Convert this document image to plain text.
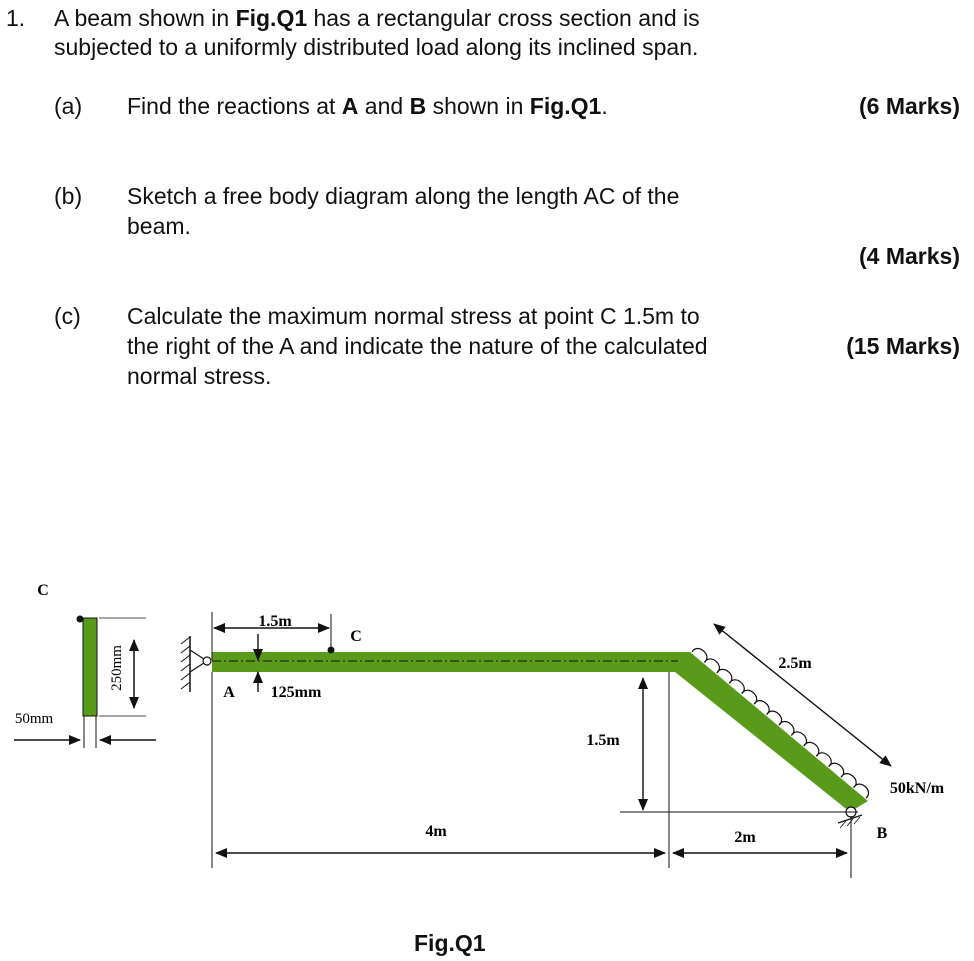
1. A beam shown in Fig.Q1 has a rectangular cross section and is
subjected to a uniformly distributed load along its inclined span.
(a) Find the reactions at A and B shown in Fig.Q1.	(6 Marks)
(b) Sketch a free body diagram along the length AC of the
beam.
(4 Marks)
(c) Calculate the maximum normal stress at point C 1.5m to
the right of the A and indicate the nature of the calculated
normal stress.
(15 Marks)
C
50mm
250mm
B
A 125mm
1.5m
C
1.5m
4m	2m
2.5m
50kN/m
Fig.Q1
